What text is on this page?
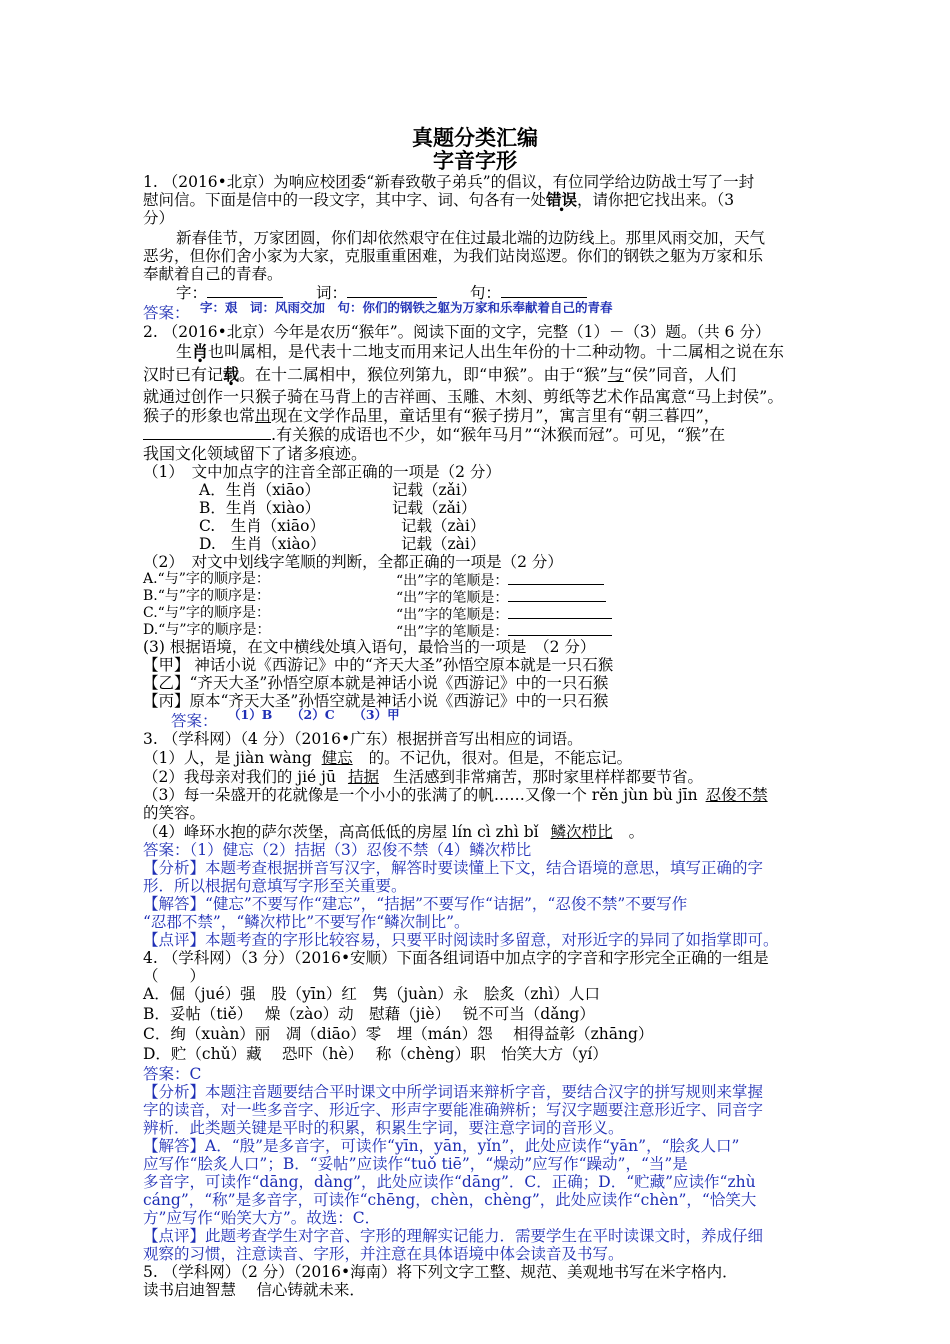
真题分类汇编
字音字形
1. （2016•北京）为响应校团委“新春致敬子弟兵”的倡议，有位同学给边防战士写了一封
慰问信。下面是信中的一段文字，其中字、词、句各有一处错误，请你把它找出来。（3
分）
新春佳节，万家团圆，你们却依然艰守在住过最北端的边防线上。那里风雨交加，天气
恶劣，但你们舍小家为大家，克服重重困难，为我们站岗巡逻。你们的钢铁之躯为万家和乐
奉献着自己的青春。
字：	词：	句：
答案： 字：艰　词：风雨交加　句：你们的钢铁之躯为万家和乐奉献着自己的青春
2. （2016•北京）今年是农历“猴年”。阅读下面的文字，完整（1）－（3）题。（共 6 分）
生肖也叫属相，是代表十二地支而用来记人出生年份的十二种动物。十二属相之说在东
汉时已有记载。在十二属相中，猴位列第九，即“申猴”。由于“猴”与“侯”同音，人们
就通过创作一只猴子骑在马背上的吉祥画、玉雕、木刻、剪纸等艺术作品寓意“马上封侯”。
猴子的形象也常出现在文学作品里，童话里有“猴子捞月”，寓言里有“朝三暮四”，
.有关猴的成语也不少，如“猴年马月”“沐猴而冠”。可见，“猴”在
我国文化领域留下了诸多痕迹。
（1）　文中加点字的注音全部正确的一项是（2 分）
A．生肖（xiāo）	记载（zǎi）
B．生肖（xiào）	记载（zǎi）
C.　生肖（xiāo）	记载（zài）
D.　生肖（xiào）	记载（zài）
（2）　对文中划线字笔顺的判断，全都正确的一项是（2 分）
A.“与”字的顺序是：	“出”字的笔顺是：
B.“与”字的顺序是：	“出”字的笔顺是：
C.“与”字的顺序是：	“出”字的笔顺是：
D.“与”字的顺序是：	“出”字的笔顺是：
(3) 根据语境，在文中横线处填入语句，最恰当的一项是　（2 分）
【甲】 神话小说《西游记》中的“齐天大圣”孙悟空原本就是一只石猴
【乙】“齐天大圣”孙悟空原本就是神话小说《西游记》中的一只石猴
【丙】原本“齐天大圣”孙悟空就是神话小说《西游记》中的一只石猴
答案： （1）B　　（2）C　　（3）甲
3. （学科网）（4 分）（2016•广东）根据拼音写出相应的词语。
（1）人，是 jiàn wàng 健忘 的。不记仇，很对。但是，不能忘记。
（2）我母亲对我们的 jié jū 拮据 生活感到非常痛苦，那时家里样样都要节省。
（3）每一朵盛开的花就像是一个小小的张满了的帆……又像一个 rěn jùn bù jīn 忍俊不禁
的笑容。
（4）峰环水抱的萨尔茨堡，高高低低的房屋 lín cì zhì bǐ 鳞次栉比 。
答案：（1）健忘（2）拮据（3）忍俊不禁（4）鳞次栉比
【分析】本题考查根据拼音写汉字，解答时要读懂上下文，结合语境的意思，填写正确的字
形．所以根据句意填写字形至关重要。
【解答】“健忘”不要写作“建忘”，“拮据”不要写作“诘据”，“忍俊不禁”不要写作
“忍郡不禁”，“鳞次栉比”不要写作“鳞次制比”。
【点评】本题考查的字形比较容易，只要平时阅读时多留意，对形近字的异同了如指掌即可。
4. （学科网）（3 分）（2016•安顺）下面各组词语中加点字的字音和字形完全正确的一组是
（　　）
A．倔（jué）强　股（yīn）红　隽（juàn）永　脍炙（zhì）人口
B．妥帖（tiě）　 燥（zào）动　慰藉（jiè）　 锐不可当（dǎng）
C．绚（xuàn）丽　凋（diāo）零　埋（mán）怨　 相得益彰（zhāng）
D．贮（chǔ）藏　 恐吓（hè）　 称（chèng）职　怡笑大方（yí）
答案：C
【分析】本题注音题要结合平时课文中所学词语来辩析字音，要结合汉字的拼写规则来掌握
字的读音，对一些多音字、形近字、形声字要能准确辨析；写汉字题要注意形近字、同音字
辨析．此类题关键是平时的积累，积累生字词，要注意字词的音形义。
【解答】A．“殷”是多音字，可读作“yīn，yān，yǐn”，此处应读作“yān”，“脍炙人口”
应写作“脍炙人口”；B．“妥帖”应读作“tuǒ tiē”，“燥动”应写作“躁动”，“当”是
多音字，可读作“dāng，dàng”，此处应读作“dāng”．C．正确；D．“贮藏”应读作“zhù
cáng”，“称”是多音字，可读作“chēng，chèn，chèng”，此处应读作“chèn”，“恰笑大
方”应写作“贻笑大方”。故选：C．
【点评】此题考查学生对字音、字形的理解实记能力．需要学生在平时读课文时，养成仔细
观察的习惯，注意读音、字形，并注意在具体语境中体会读音及书写。
5. （学科网）（2 分）（2016•海南）将下列文字工整、规范、美观地书写在米字格内．
读书启迪智慧　 信心铸就未来．
